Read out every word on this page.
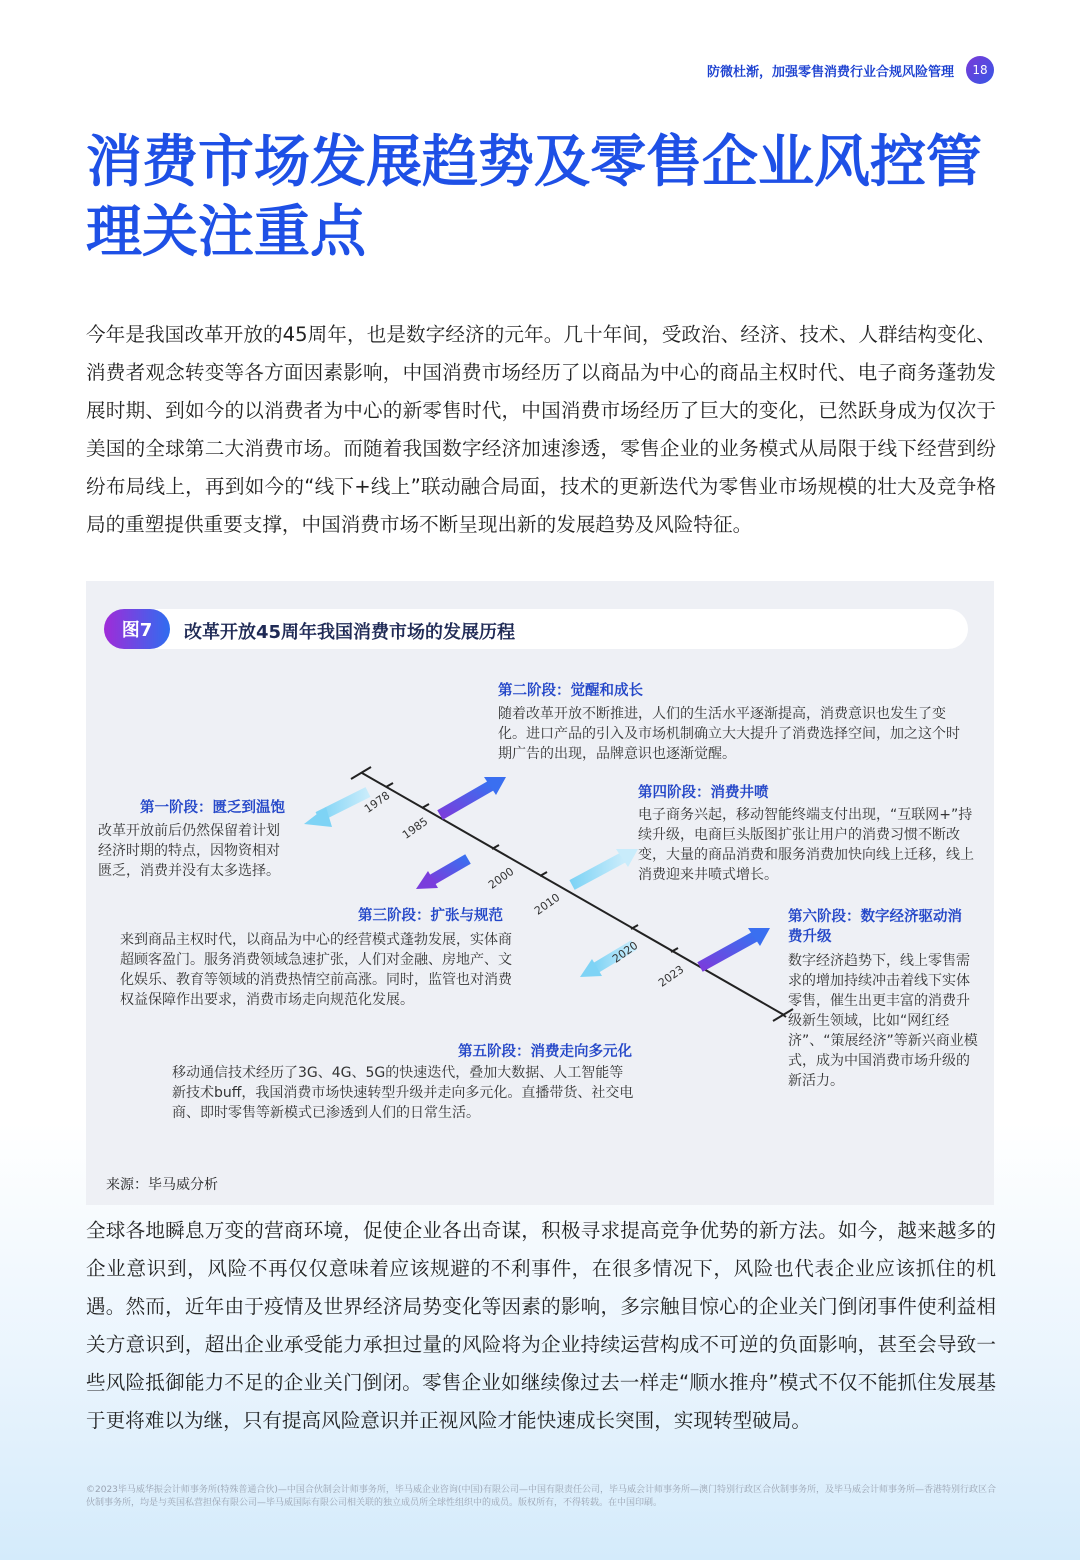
防微杜渐，加强零售消费行业合规风险管理	18
消费市场发展趋势及零售企业风控管理关注重点

今年是我国改革开放的45周年，也是数字经济的元年。几十年间，受政治、经济、技术、人群结构变化、消费者观念转变等各方面因素影响，中国消费市场经历了以商品为中心的商品主权时代、电子商务蓬勃发展时期、到如今的以消费者为中心的新零售时代，中国消费市场经历了巨大的变化，已然跃身成为仅次于美国的全球第二大消费市场。而随着我国数字经济加速渗透，零售企业的业务模式从局限于线下经营到纷纷布局线上，再到如今的“线下+线上”联动融合局面，技术的更新迭代为零售业市场规模的壮大及竞争格局的重塑提供重要支撑，中国消费市场不断呈现出新的发展趋势及风险特征。

图7	改革开放45周年我国消费市场的发展历程
1978
1985
2000
2010
2020
2023
第一阶段：匮乏到温饱
改革开放前后仍然保留着计划经济时期的特点，因物资相对匮乏，消费并没有太多选择。
第二阶段：觉醒和成长
随着改革开放不断推进，人们的生活水平逐渐提高，消费意识也发生了变化。进口产品的引入及市场机制确立大大提升了消费选择空间，加之这个时期广告的出现，品牌意识也逐渐觉醒。
第三阶段：扩张与规范
来到商品主权时代，以商品为中心的经营模式蓬勃发展，实体商超顾客盈门。服务消费领域急速扩张，人们对金融、房地产、文化娱乐、教育等领域的消费热情空前高涨。同时，监管也对消费权益保障作出要求，消费市场走向规范化发展。
第四阶段：消费井喷
电子商务兴起，移动智能终端支付出现，“互联网+”持续升级，电商巨头版图扩张让用户的消费习惯不断改变，大量的商品消费和服务消费加快向线上迁移，线上消费迎来井喷式增长。
第五阶段：消费走向多元化
移动通信技术经历了3G、4G、5G的快速迭代，叠加大数据、人工智能等新技术buff，我国消费市场快速转型升级并走向多元化。直播带货、社交电商、即时零售等新模式已渗透到人们的日常生活。
第六阶段：数字经济驱动消费升级
数字经济趋势下，线上零售需求的增加持续冲击着线下实体零售，催生出更丰富的消费升级新生领域，比如“网红经济”、“策展经济”等新兴商业模式，成为中国消费市场升级的新活力。
来源：毕马威分析

全球各地瞬息万变的营商环境，促使企业各出奇谋，积极寻求提高竞争优势的新方法。如今，越来越多的企业意识到，风险不再仅仅意味着应该规避的不利事件，在很多情况下，风险也代表企业应该抓住的机遇。然而，近年由于疫情及世界经济局势变化等因素的影响，多宗触目惊心的企业关门倒闭事件使利益相关方意识到，超出企业承受能力承担过量的风险将为企业持续运营构成不可逆的负面影响，甚至会导致一些风险抵御能力不足的企业关门倒闭。零售企业如继续像过去一样走“顺水推舟”模式不仅不能抓住发展基于更将难以为继，只有提高风险意识并正视风险才能快速成长突围，实现转型破局。

©2023毕马威华振会计师事务所(特殊普通合伙)—中国合伙制会计师事务所，毕马威企业咨询(中国)有限公司—中国有限责任公司，毕马威会计师事务所—澳门特别行政区合伙制事务所，及毕马威会计师事务所—香港特别行政区合伙制事务所，均是与英国私营担保有限公司—毕马威国际有限公司相关联的独立成员所全球性组织中的成员。版权所有，不得转载。在中国印刷。
